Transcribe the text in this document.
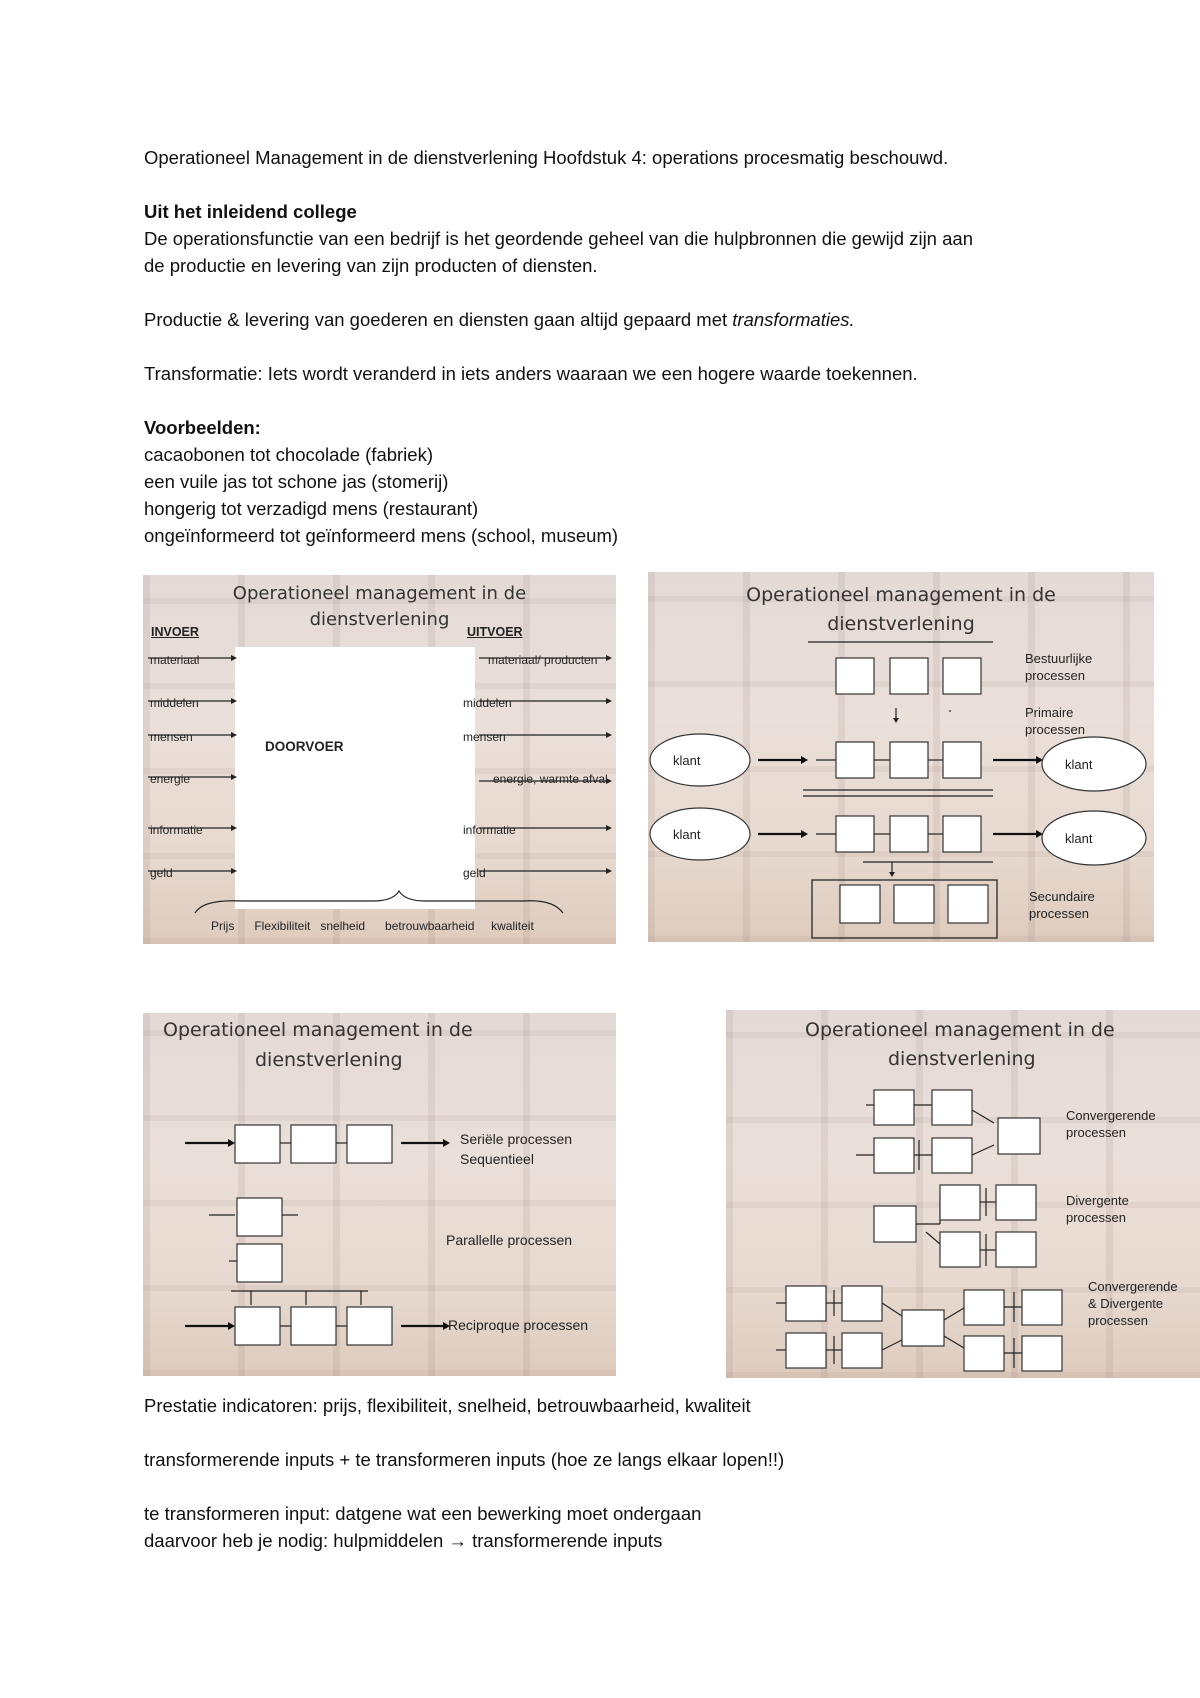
Operationeel Management in de dienstverlening Hoofdstuk 4: operations procesmatig beschouwd.
Uit het inleidend college
De operationsfunctie van een bedrijf is het geordende geheel van die hulpbronnen die gewijd zijn aan
de productie en levering van zijn producten of diensten.
Productie & levering van goederen en diensten gaan altijd gepaard met transformaties.
Transformatie: Iets wordt veranderd in iets anders waaraan we een hogere waarde toekennen.
Voorbeelden:
cacaobonen tot chocolade (fabriek)
een vuile jas tot schone jas (stomerij)
hongerig tot verzadigd mens (restaurant)
ongeïnformeerd tot geïnformeerd mens (school, museum)
Operationeel management in de
dienstverlening
INVOER	UITVOER
materiaal
middelen
mensen
energie
informatie
geld
materiaal/ producten
middelen
mensen
energie, warmte afval
informatie
geld
DOORVOER
Prijs      Flexibiliteit   snelheid      betrouwbaarheid     kwaliteit
Operationeel management in de
dienstverlening
Bestuurlijke processen
Primaire processen
Secundaire processen
klant	klant
klant	klant
Operationeel management in de
dienstverlening
Seriële processen
Sequentieel
Parallelle processen
Reciproque processen
Operationeel management in de
dienstverlening
Convergerende
processen
Divergente
processen
Convergerende
& Divergente
processen
Prestatie indicatoren: prijs, flexibiliteit, snelheid, betrouwbaarheid, kwaliteit
transformerende inputs + te transformeren inputs (hoe ze langs elkaar lopen!!)
te transformeren input: datgene wat een bewerking moet ondergaan
daarvoor heb je nodig: hulpmiddelen → transformerende inputs
